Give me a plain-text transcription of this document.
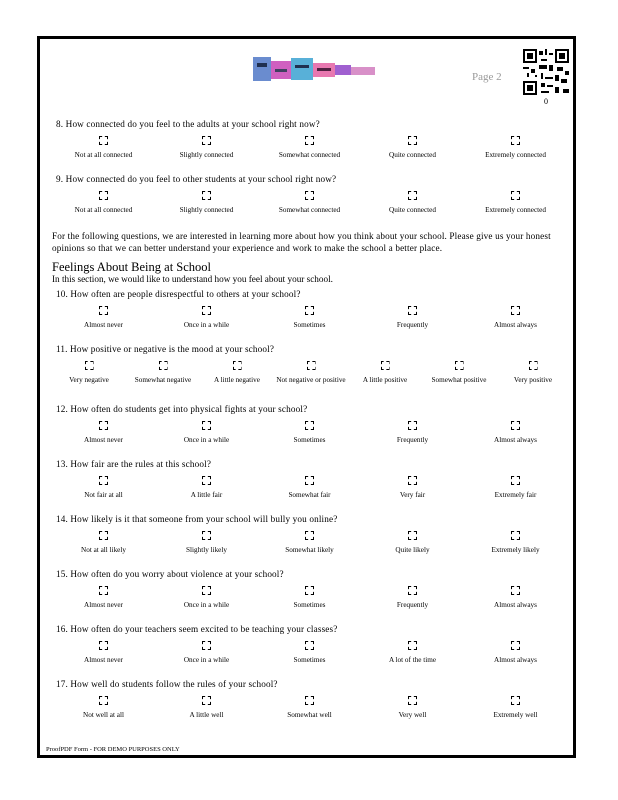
Page 2
0
8. How connected do you feel to the adults at your school right now?
Not at all connected	Slightly connected	Somewhat connected	Quite connected	Extremely connected
9. How connected do you feel to other students at your school right now?
Not at all connected	Slightly connected	Somewhat connected	Quite connected	Extremely connected
For the following questions, we are interested in learning more about how you think about your school. Please give us your honest opinions so that we can better understand your experience and work to make the school a better place.
Feelings About Being at School
In this section, we would like to understand how you feel about your school.
10. How often are people disrespectful to others at your school?
Almost never	Once in a while	Sometimes	Frequently	Almost always
11. How positive or negative is the mood at your school?
Very negative	Somewhat negative	A little negative	Not negative or positive	A little positive	Somewhat positive	Very positive
12. How often do students get into physical fights at your school?
Almost never	Once in a while	Sometimes	Frequently	Almost always
13. How fair are the rules at this school?
Not fair at all	A little fair	Somewhat fair	Very fair	Extremely fair
14. How likely is it that someone from your school will bully you online?
Not at all likely	Slightly likely	Somewhat likely	Quite likely	Extremely likely
15. How often do you worry about violence at your school?
Almost never	Once in a while	Sometimes	Frequently	Almost always
16. How often do your teachers seem excited to be teaching your classes?
Almost never	Once in a while	Sometimes	A lot of the time	Almost always
17. How well do students follow the rules of your school?
Not well at all	A little well	Somewhat well	Very well	Extremely well
ProofPDF Form - FOR DEMO PURPOSES ONLY
